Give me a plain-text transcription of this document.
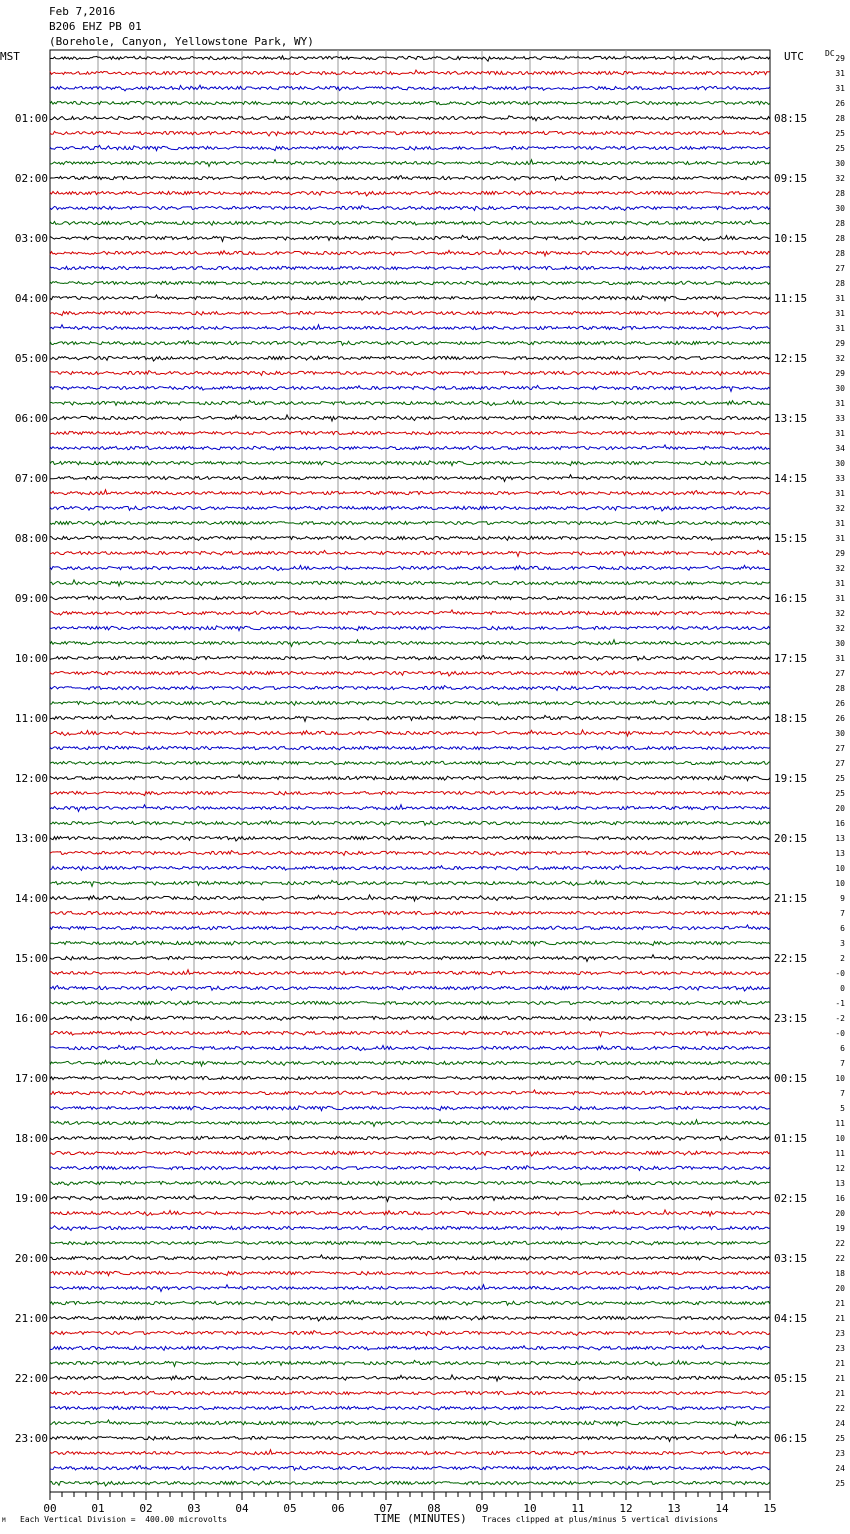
Feb 7,2016
B206 EHZ PB 01
(Borehole, Canyon, Yellowstone Park, WY)
MST	UTC	DC
01:00
02:00
03:00
04:00
05:00
06:00
07:00
08:00
09:00
10:00
11:00
12:00
13:00
14:00
15:00
16:00
17:00
18:00
19:00
20:00
21:00
22:00
23:00
08:15
09:15
10:15
11:15
12:15
13:15
14:15
15:15
16:15
17:15
18:15
19:15
20:15
21:15
22:15
23:15
00:15
01:15
02:15
03:15
04:15
05:15
06:15
29
31
31
26
28
25
25
30
32
28
30
28
28
28
27
28
31
31
31
29
32
29
30
31
33
31
34
30
33
31
32
31
31
29
32
31
31
32
32
30
31
27
28
26
26
30
27
27
25
25
20
16
13
13
10
10
9
7
6
3
2
-0
0
-1
-2
-0
6
7
10
7
5
11
10
11
12
13
16
20
19
22
22
18
20
21
21
23
23
21
21
21
22
24
25
23
24
25
00	01	02	03	04	05	06	07	08	09	10	11	12	13	14	15
M Each Vertical Division =  400.00 microvolts	TIME (MINUTES) Traces clipped at plus/minus 5 vertical divisions
